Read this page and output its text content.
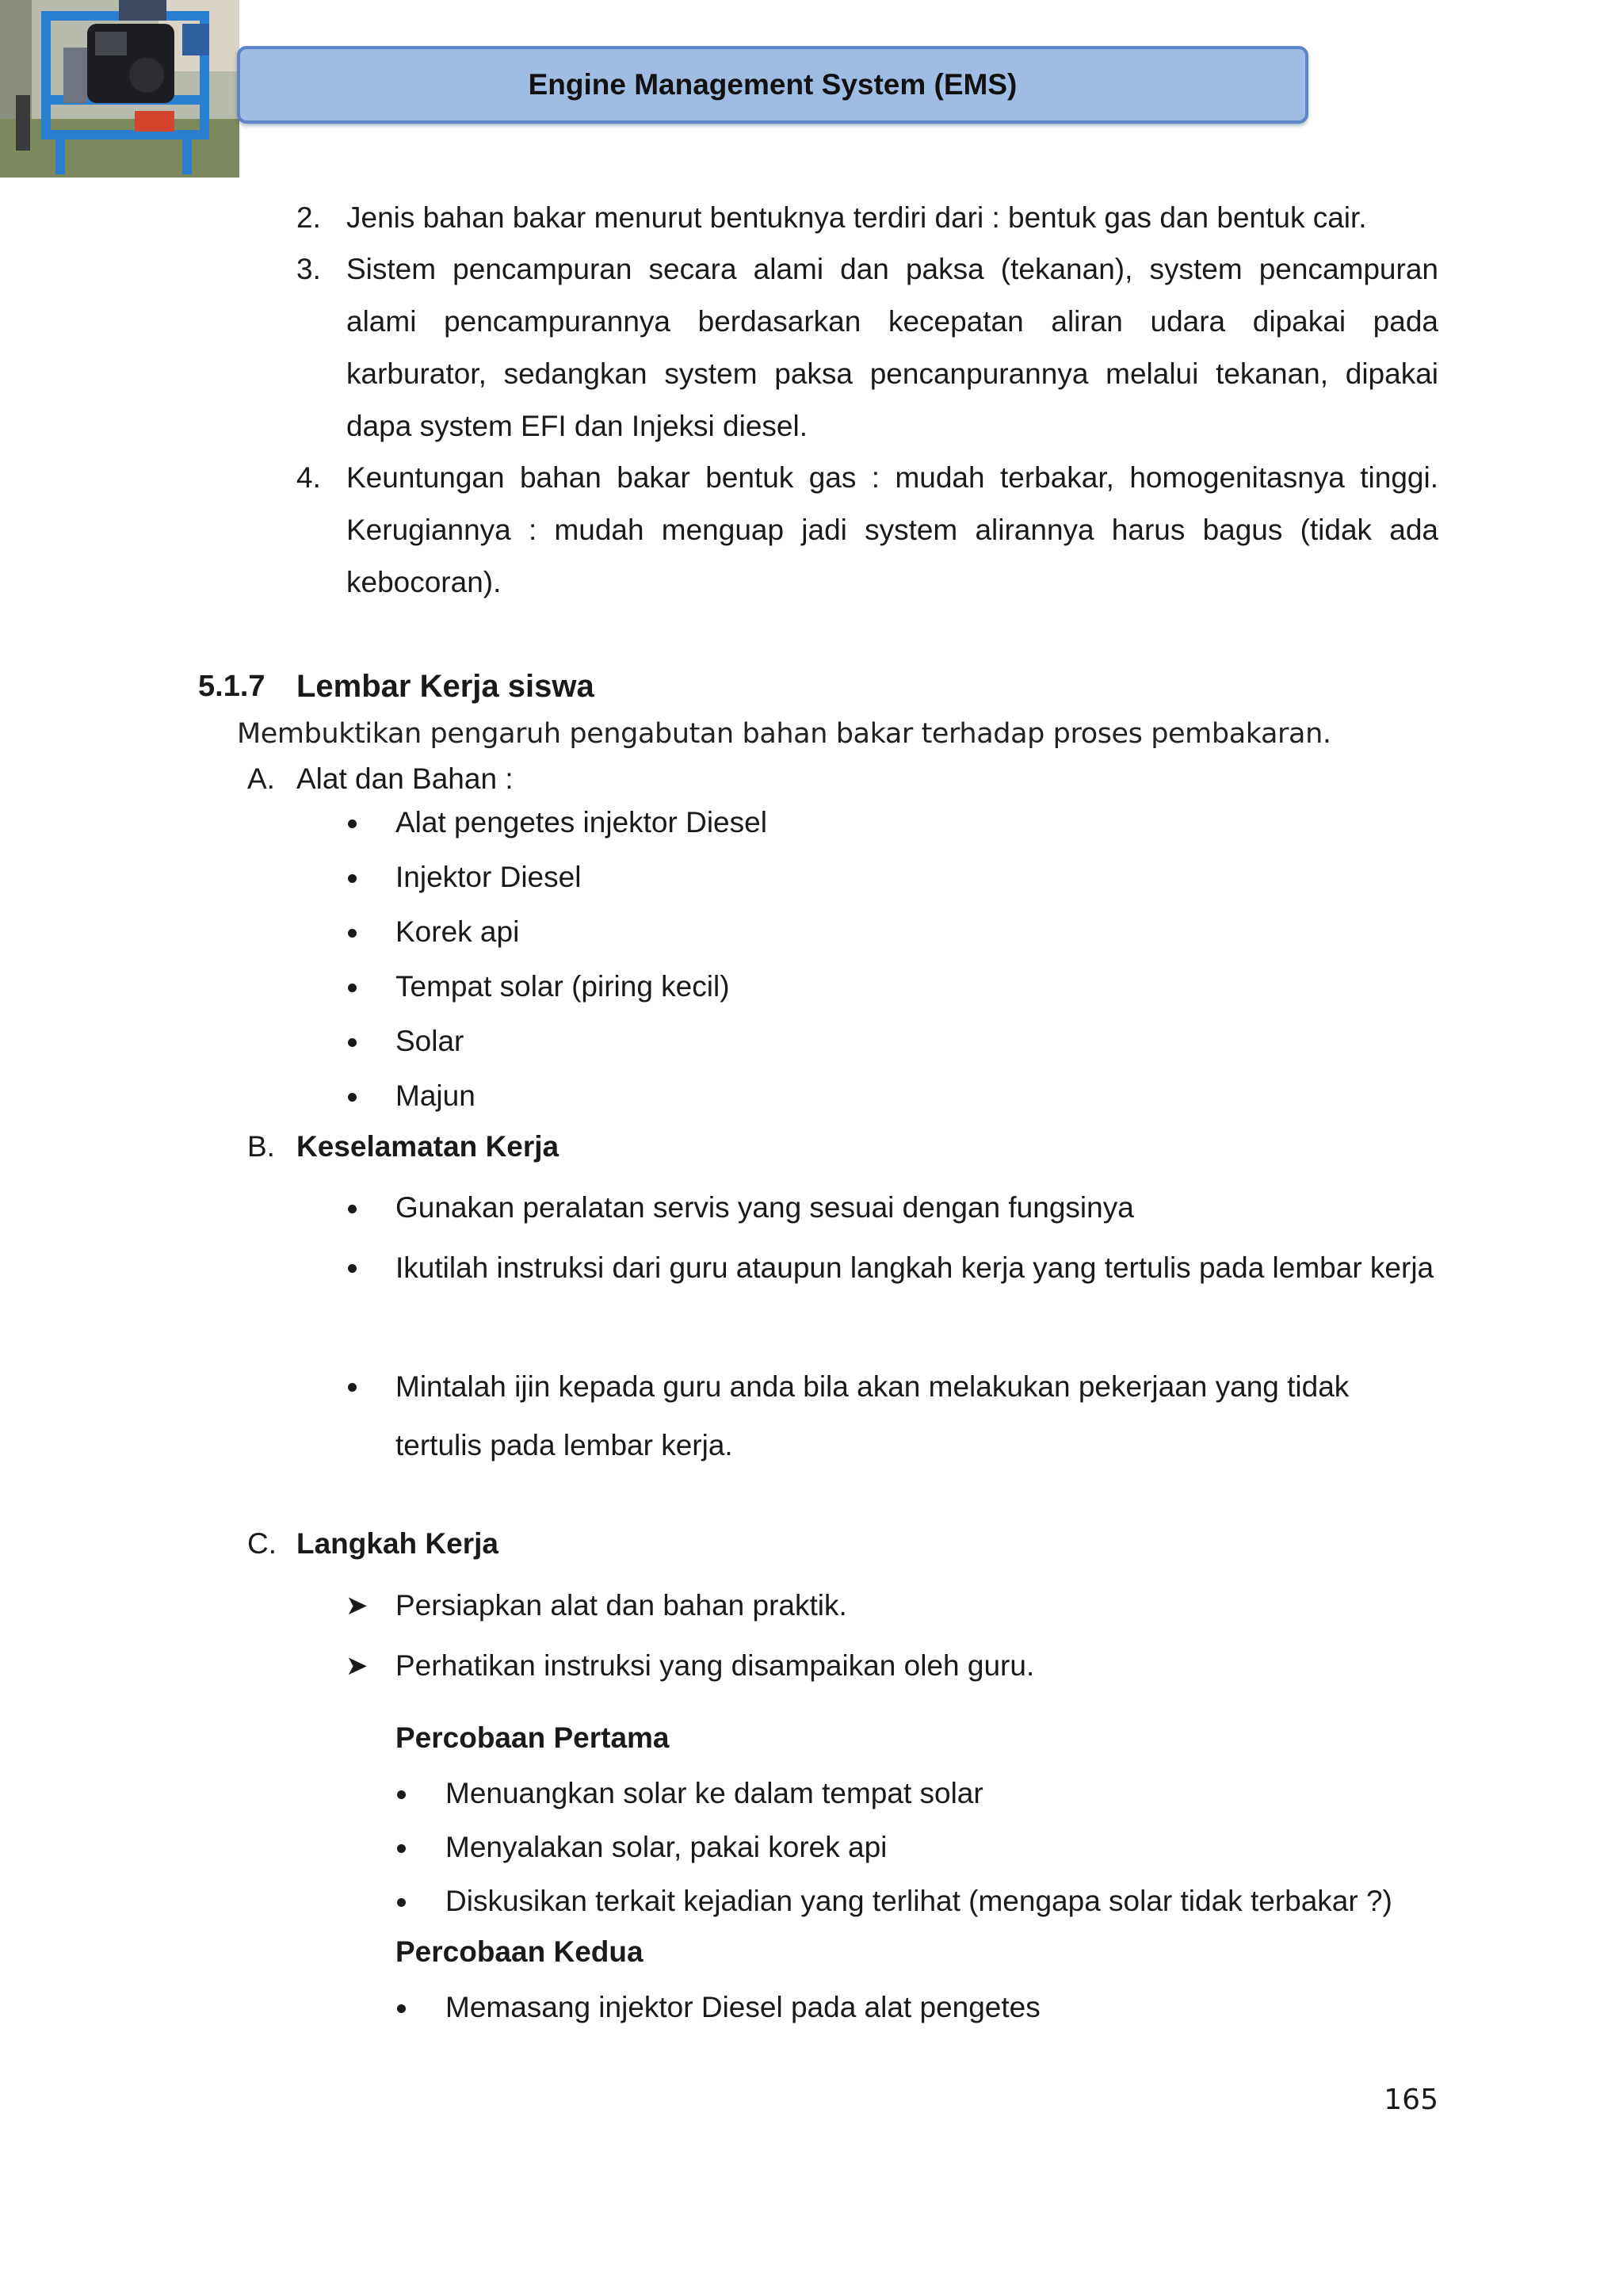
Engine Management System (EMS)
2. Jenis bahan bakar menurut bentuknya terdiri dari : bentuk gas dan bentuk cair.
3. Sistem pencampuran secara alami dan paksa (tekanan), system pencampuran alami pencampurannya berdasarkan kecepatan aliran udara dipakai pada karburator, sedangkan system paksa pencanpurannya melalui tekanan, dipakai dapa system EFI dan Injeksi diesel.
4. Keuntungan bahan bakar bentuk gas : mudah terbakar, homogenitasnya tinggi. Kerugiannya : mudah menguap jadi system alirannya harus bagus (tidak ada kebocoran).
5.1.7 Lembar Kerja siswa
Membuktikan pengaruh pengabutan bahan bakar terhadap proses pembakaran.
A. Alat dan Bahan :
Alat pengetes injektor Diesel
Injektor Diesel
Korek api
Tempat solar (piring kecil)
Solar
Majun
B. Keselamatan Kerja
Gunakan peralatan servis yang sesuai dengan fungsinya
Ikutilah instruksi dari guru ataupun langkah kerja yang tertulis pada lembar kerja
Mintalah ijin kepada guru anda bila akan melakukan pekerjaan yang tidak tertulis pada lembar kerja.
C. Langkah Kerja
➤ Persiapkan alat dan bahan praktik.
➤ Perhatikan instruksi yang disampaikan oleh guru.
Percobaan Pertama
Menuangkan solar ke dalam tempat solar
Menyalakan solar, pakai korek api
Diskusikan terkait kejadian yang terlihat (mengapa solar tidak terbakar ?)
Percobaan Kedua
Memasang injektor Diesel pada alat pengetes
165
